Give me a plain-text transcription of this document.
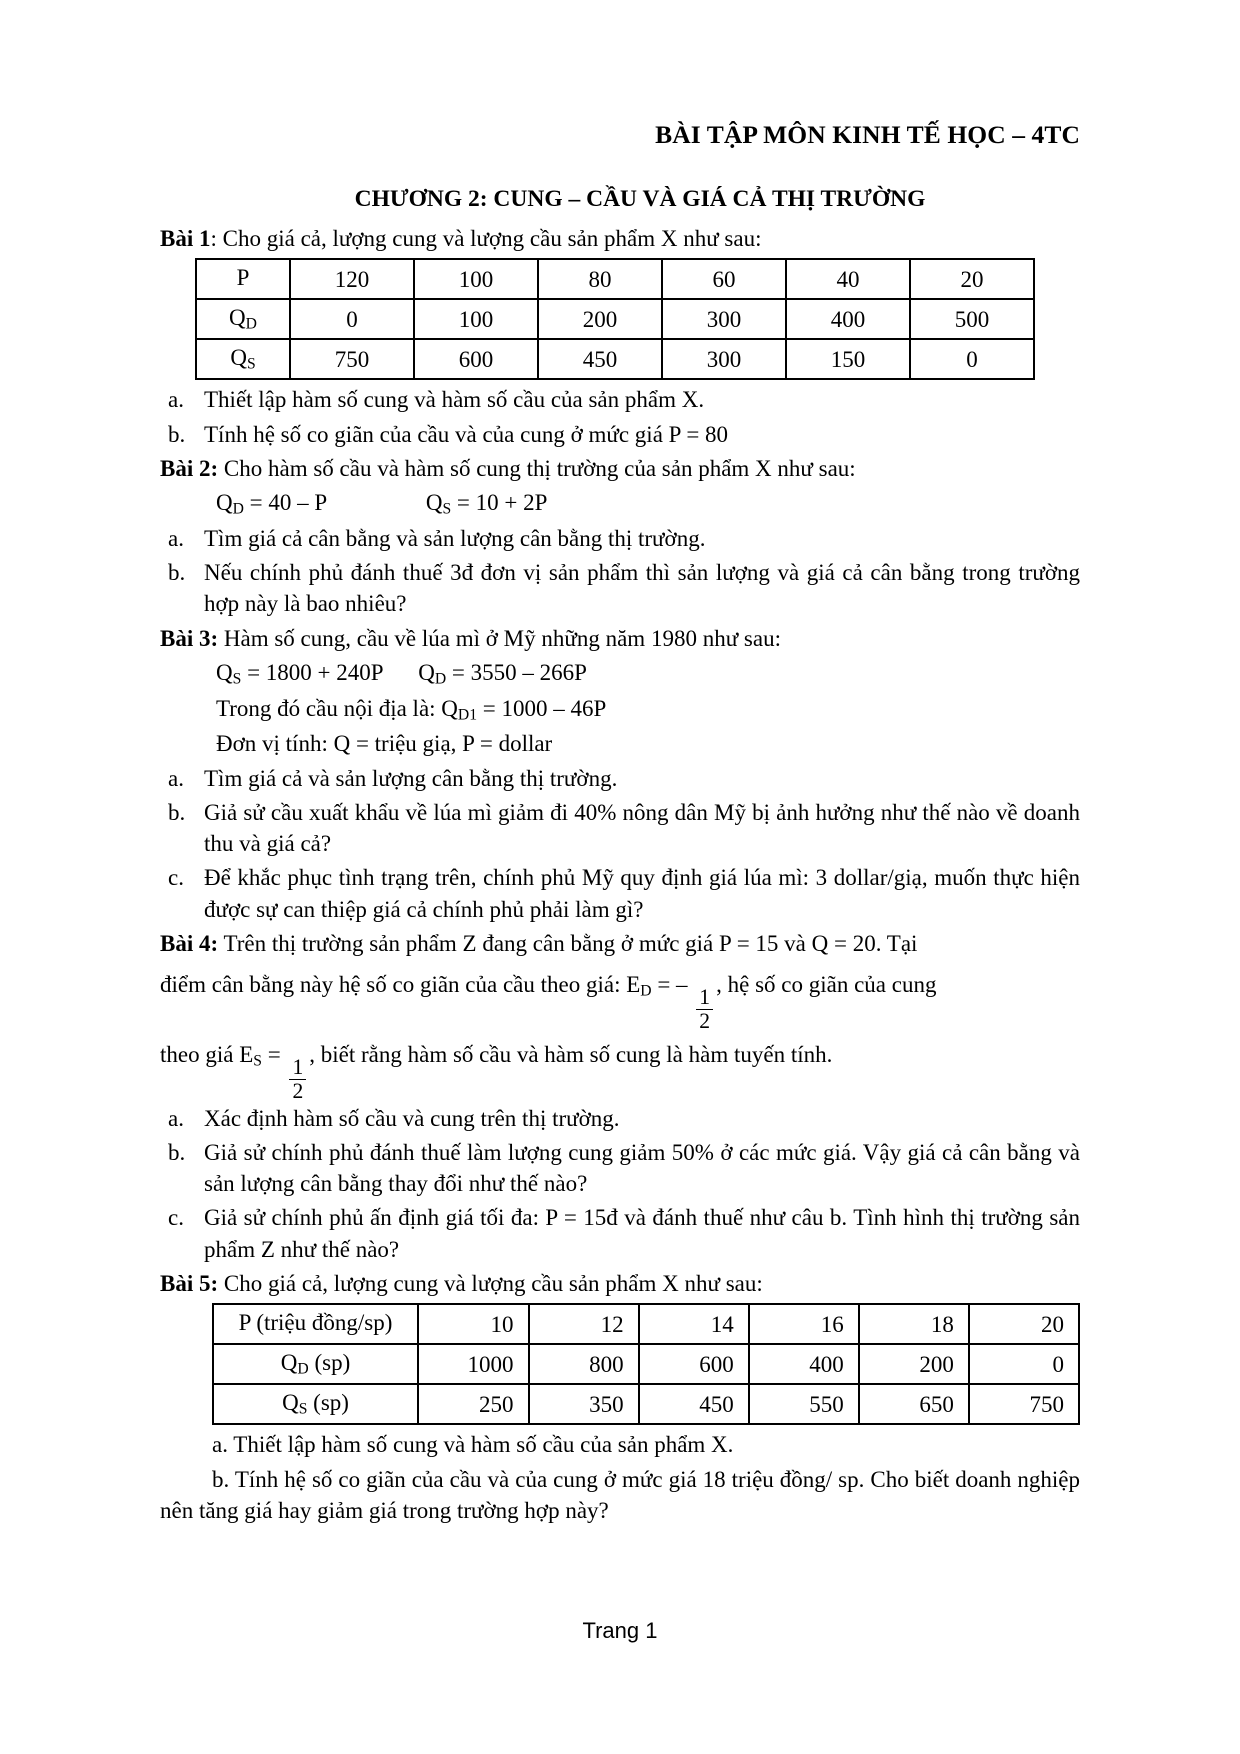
BÀI TẬP MÔN KINH TẾ HỌC – 4TC
CHƯƠNG 2: CUNG – CẦU VÀ GIÁ CẢ THỊ TRƯỜNG

Bài 1: Cho giá cả, lượng cung và lượng cầu sản phẩm X như sau:

P	120	100	80	60	40	20
$Q_D$	0	100	200	300	400	500
$Q_S$	750	600	450	300	150	0
a. Thiết lập hàm số cung và hàm số cầu của sản phẩm X.
b. Tính hệ số co giãn của cầu và của cung ở mức giá P = 80

Bài 2: Cho hàm số cầu và hàm số cung thị trường của sản phẩm X như sau:

$Q_D = 40 - P$	$Q_S = 10 + 2P$

a. Tìm giá cả cân bằng và sản lượng cân bằng thị trường.
b. Nếu chính phủ đánh thuế 3đ đơn vị sản phẩm thì sản lượng và giá cả cân bằng trong trường hợp này là bao nhiêu?

Bài 3: Hàm số cung, cầu về lúa mì ở Mỹ những năm 1980 như sau:

$Q_S = 1800 + 240P$ $Q_D = 3550 - 266P$

Trong đó cầu nội địa là: $Q_{D1} = 1000 - 46P$

Đơn vị tính: Q = triệu giạ, P = dollar

a. Tìm giá cả và sản lượng cân bằng thị trường.
b. Giả sử cầu xuất khẩu về lúa mì giảm đi 40% nông dân Mỹ bị ảnh hưởng như thế nào về doanh thu và giá cả?
c. Để khắc phục tình trạng trên, chính phủ Mỹ quy định giá lúa mì: 3 dollar/giạ, muốn thực hiện được sự can thiệp giá cả chính phủ phải làm gì?

Bài 4: Trên thị trường sản phẩm Z đang cân bằng ở mức giá P = 15 và Q = 20. Tại

điểm cân bằng này hệ số co giãn của cầu theo giá: $E_D$ = –
$\frac{1}{2}$
, hệ số co giãn của cung

theo giá $E_S$ =
$\frac{1}{2}$
, biết rằng hàm số cầu và hàm số cung là hàm tuyến tính.

a. Xác định hàm số cầu và cung trên thị trường.
b. Giả sử chính phủ đánh thuế làm lượng cung giảm 50% ở các mức giá. Vậy giá cả cân bằng và sản lượng cân bằng thay đổi như thế nào?
c. Giả sử chính phủ ấn định giá tối đa: P = 15đ và đánh thuế như câu b. Tình hình thị trường sản phẩm Z như thế nào?

Bài 5: Cho giá cả, lượng cung và lượng cầu sản phẩm X như sau:

P (triệu đồng/sp)	10	12	14	16	18	20
$Q_D$ (sp)	1000	800	600	400	200	0
$Q_S$ (sp)	250	350	450	550	650	750

a. Thiết lập hàm số cung và hàm số cầu của sản phẩm X.

b. Tính hệ số co giãn của cầu và của cung ở mức giá 18 triệu đồng/ sp. Cho biết doanh nghiệp nên tăng giá hay giảm giá trong trường hợp này?

Trang 1
